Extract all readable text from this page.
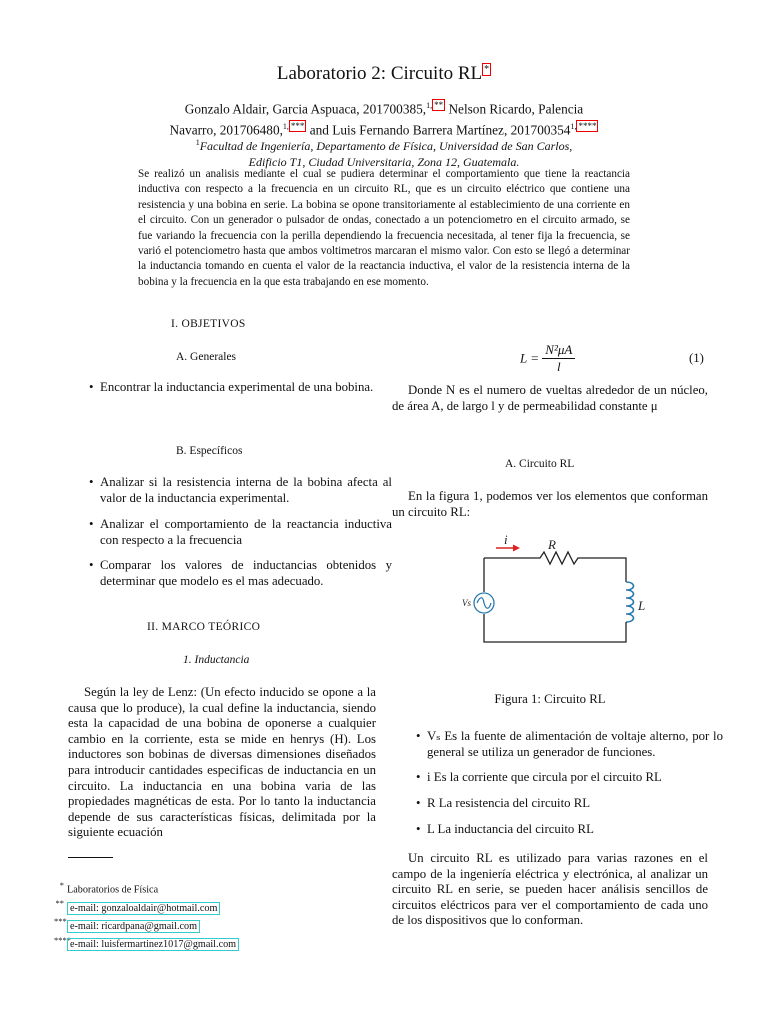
Laboratorio 2: Circuito RL *
Gonzalo Aldair, Garcia Aspuaca, 201700385,$^{1,}$ ** Nelson Ricardo, Palencia
Navarro, 201706480,$^{1,}$ *** and Luis Fernando Barrera Martínez, $201700354^{1,}$ ****
$^1$Facultad de Ingeniería, Departamento de Física, Universidad de San Carlos,
Edificio T1, Ciudad Universitaria, Zona 12, Guatemala.
Se realizó un analisis mediante el cual se pudiera determinar el comportamiento que tiene la reactancia inductiva con respecto a la frecuencia en un circuito RL, que es un circuito eléctrico que contiene una resistencia y una bobina en serie. La bobina se opone transitoriamente al establecimiento de una corriente en el circuito. Con un generador o pulsador de ondas, conectado a un potenciometro en el circuito armado, se fue variando la frecuencia con la perilla dependiendo la frecuencia necesitada, al tener fija la frecuencia, se varió el potenciometro hasta que ambos voltimetros marcaran el mismo valor. Con esto se llegó a determinar la inductancia tomando en cuenta el valor de la reactancia inductiva, el valor de la resistencia interna de la bobina y la frecuencia en la que esta trabajando en ese momento.
I. OBJETIVOS
A. Generales
• Encontrar la inductancia experimental de una bobina.
B. Específicos
• Analizar si la resistencia interna de la bobina afecta al valor de la inductancia experimental.
• Analizar el comportamiento de la reactancia inductiva con respecto a la frecuencia
• Comparar los valores de inductancias obtenidos y determinar que modelo es el mas adecuado.
II. MARCO TEÓRICO
1. Inductancia
Según la ley de Lenz: (Un efecto inducido se opone a la causa que lo produce), la cual define la inductancia, siendo esta la capacidad de una bobina de oponerse a cualquier cambio en la corriente, esta se mide en henrys (H). Los inductores son bobinas de diversas dimensiones diseñados para introducir cantidades especificas de inductancia en un circuito. La inductancia en una bobina varia de las propiedades magnéticas de esta. Por lo tanto la inductancia depende de sus características físicas, delimitada por la siguiente ecuación
* Laboratorios de Física
** e-mail: gonzaloaldair@hotmail.com
*** e-mail: ricardpana@gmail.com
****e-mail: luisfermartinez1017@gmail.com
$L = \frac{\text{N²μA}}{l}$	(1)
Donde N es el numero de vueltas alrededor de un núcleo, de área A, de largo l y de permeabilidad constante μ
A. Circuito RL
En la figura 1, podemos ver los elementos que conforman un circuito RL:
i	R
L
Vs
Figura 1: Circuito RL
• Vₛ Es la fuente de alimentación de voltaje alterno, por lo general se utiliza un generador de funciones.
• i Es la corriente que circula por el circuito RL
• R La resistencia del circuito RL
• L La inductancia del circuito RL
Un circuito RL es utilizado para varias razones en el campo de la ingeniería eléctrica y electrónica, al analizar un circuito RL en serie, se pueden hacer análisis sencillos de circuitos eléctricos para ver el comportamiento de cada uno de los dispositivos que lo conforman.
